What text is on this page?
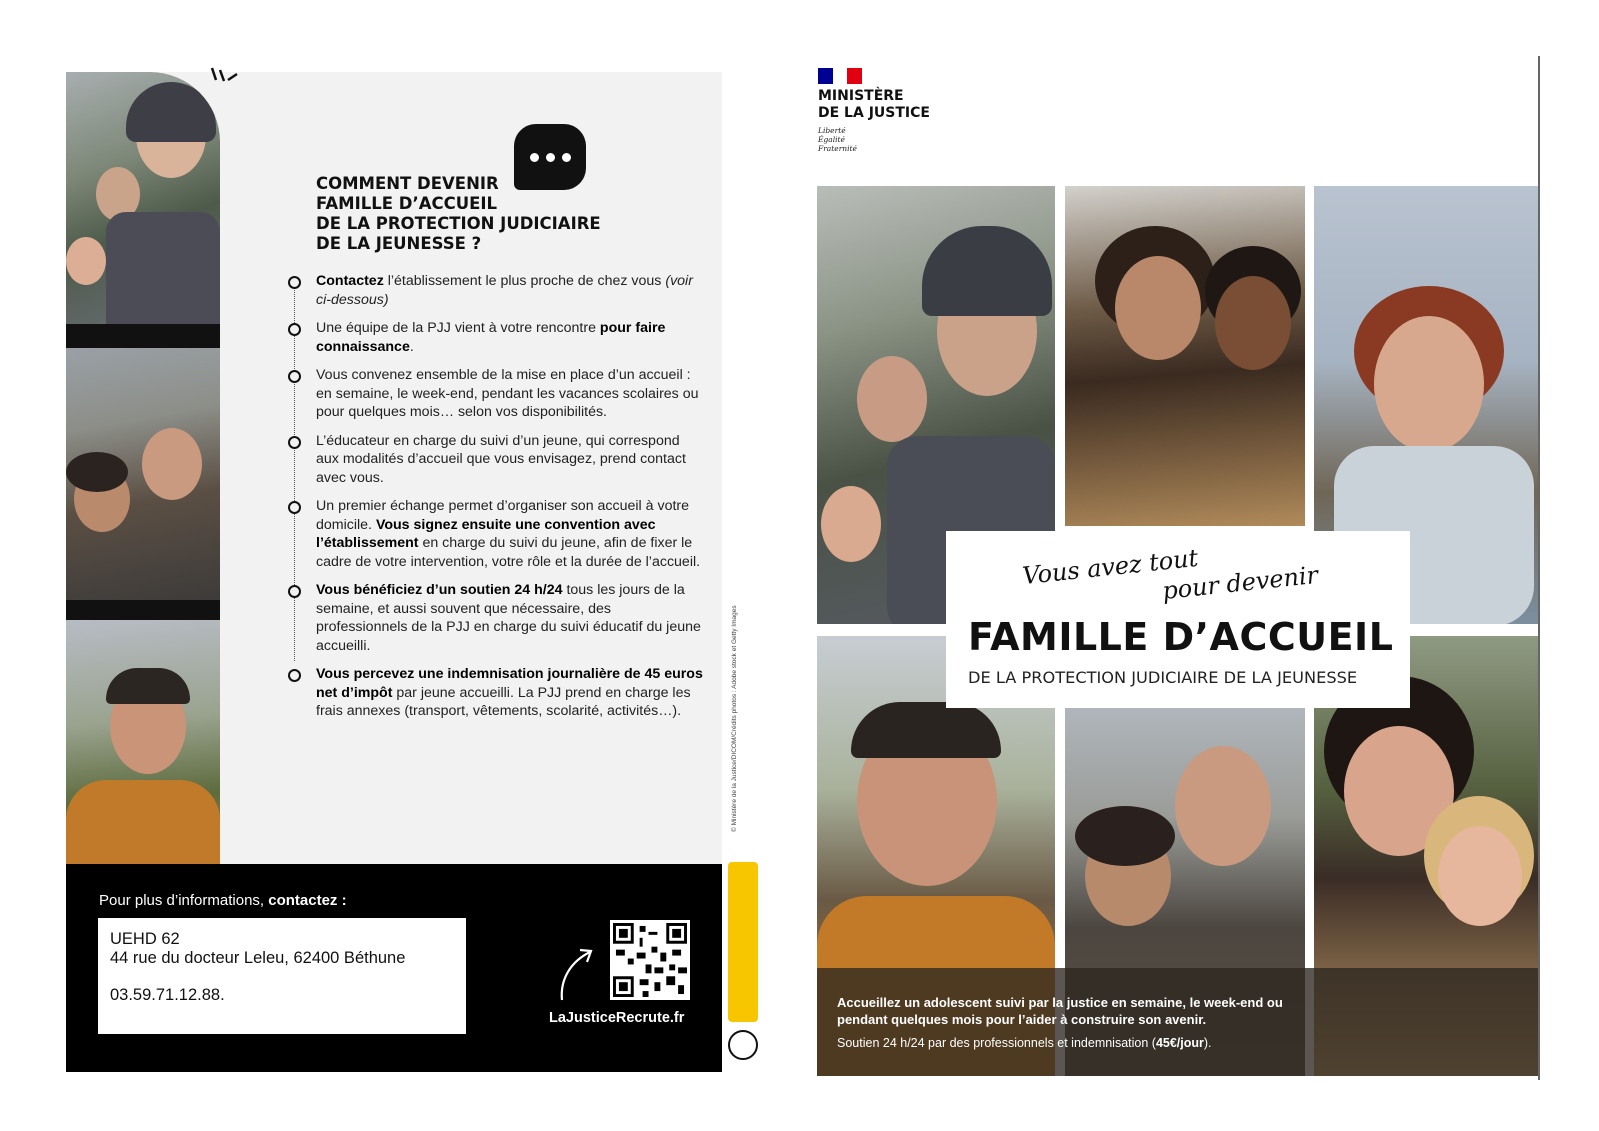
COMMENT DEVENIR
FAMILLE D’ACCUEIL
DE LA PROTECTION JUDICIAIRE
DE LA JEUNESSE ?
Contactez l’établissement le plus proche de chez vous (voir ci-dessous)
Une équipe de la PJJ vient à votre rencontre pour faire connaissance.
Vous convenez ensemble de la mise en place d’un accueil : en semaine, le week-end, pendant les vacances scolaires ou pour quelques mois… selon vos disponibilités.
L’éducateur en charge du suivi d’un jeune, qui correspond aux modalités d’accueil que vous envisagez, prend contact avec vous.
Un premier échange permet d’organiser son accueil à votre domicile. Vous signez ensuite une convention avec l’établissement en charge du suivi du jeune, afin de fixer le cadre de votre intervention, votre rôle et la durée de l’accueil.
Vous bénéficiez d’un soutien 24 h/24 tous les jours de la semaine, et aussi souvent que nécessaire, des professionnels de la PJJ en charge du suivi éducatif du jeune accueilli.
Vous percevez une indemnisation journalière de 45 euros net d’impôt par jeune accueilli. La PJJ prend en charge les frais annexes (transport, vêtements, scolarité, activités…).	© Ministère de la Justice/DICOM/Crédits photos : Adobe stock et Getty Images
Pour plus d’informations, contactez :
UEHD 62
44 rue du docteur Leleu, 62400 Béthune
03.59.71.12.88.
LaJusticeRecrute.fr
MINISTÈRE
DE LA JUSTICE
Liberté
Égalité
Fraternité
Vous avez tout
pour devenir
FAMILLE D’ACCUEIL
DE LA PROTECTION JUDICIAIRE DE LA JEUNESSE
Accueillez un adolescent suivi par la justice en semaine, le week-end ou pendant quelques mois pour l’aider à construire son avenir.
Soutien 24 h/24 par des professionnels et indemnisation (45€/jour).
